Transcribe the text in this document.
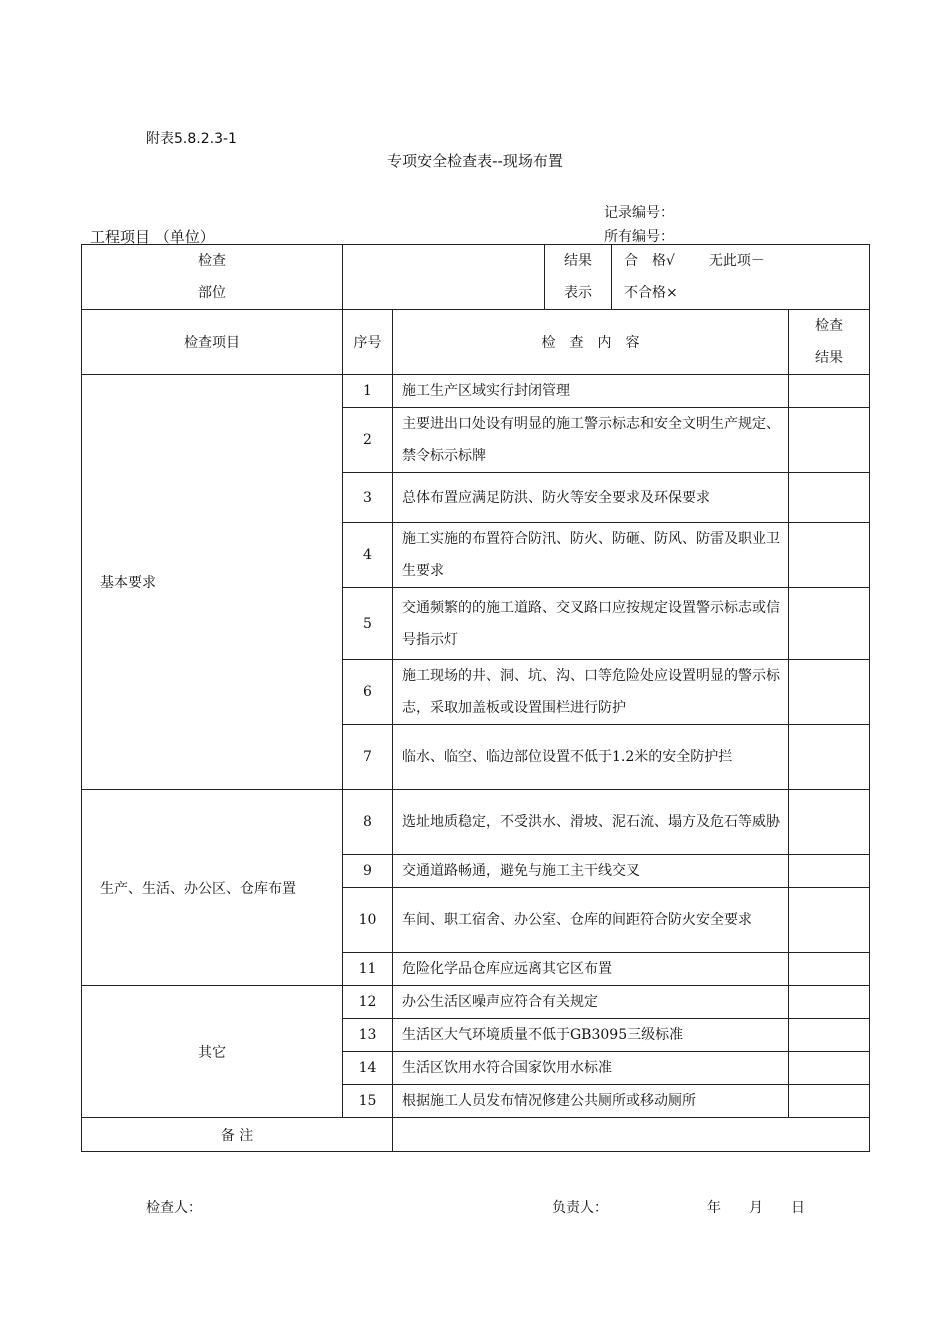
附表5.8.2.3-1
专项安全检查表--现场布置
记录编号：
所有编号：
工程项目 （单位）
检查
部位			结果
表示	合　格√ 无此项－
不合格×	
检查项目	序号	检　查　内　容			检查
结果
基本要求	1	施工生产区域实行封闭管理			
	2	主要进出口处设有明显的施工警示标志和安全文明生产规定、禁令标示标牌			
	3	总体布置应满足防洪、防火等安全要求及环保要求			
	4	施工实施的布置符合防汛、防火、防砸、防风、防雷及职业卫生要求			
	5	交通频繁的的施工道路、交叉路口应按规定设置警示标志或信号指示灯			
	6	施工现场的井、洞、坑、沟、口等危险处应设置明显的警示标志，采取加盖板或设置围栏进行防护			
	7	临水、临空、临边部位设置不低于1.2米的安全防护拦			
生产、生活、办公区、仓库布置	8	选址地质稳定，不受洪水、滑坡、泥石流、塌方及危石等威胁			
	9	交通道路畅通，避免与施工主干线交叉			
	10	车间、职工宿舍、办公室、仓库的间距符合防火安全要求			
	11	危险化学品仓库应远离其它区布置			
其它	12	办公生活区噪声应符合有关规定			
	13	生活区大气环境质量不低于GB3095三级标准			
	14	生活区饮用水符合国家饮用水标准			
	15	根据施工人员发布情况修建公共厕所或移动厕所			
备 注					
检查人：	负责人：	年 月 日
